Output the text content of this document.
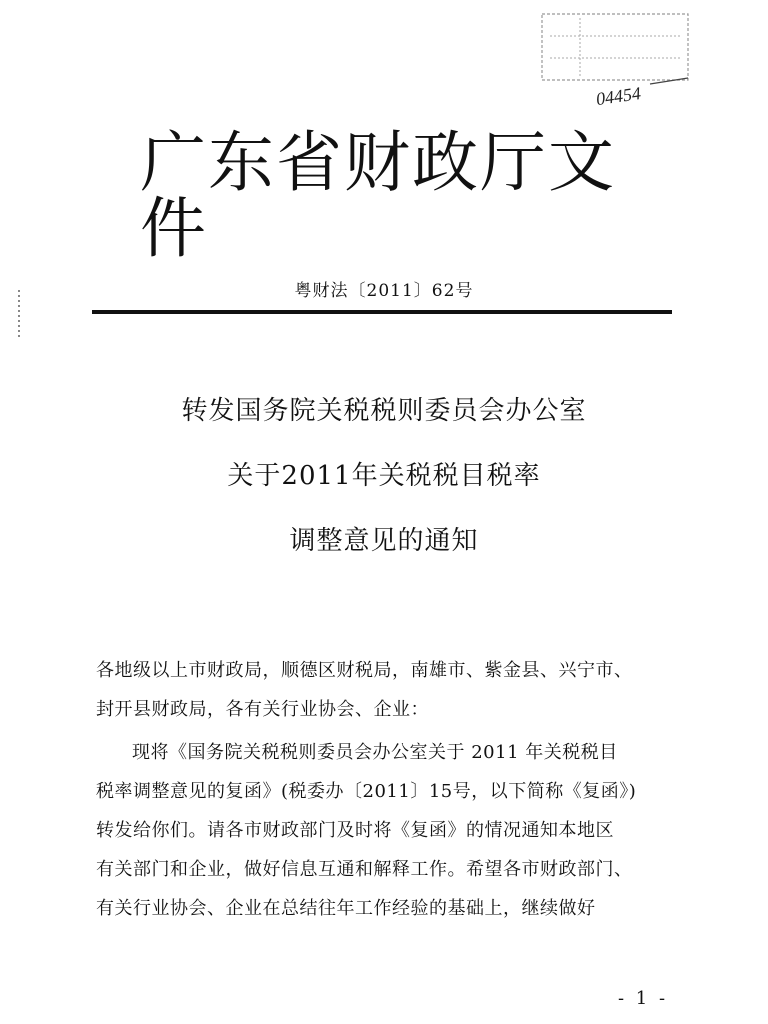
04454
广东省财政厅文件
粤财法〔2011〕62号
转发国务院关税税则委员会办公室
关于2011年关税税目税率
调整意见的通知
各地级以上市财政局，顺德区财税局，南雄市、紫金县、兴宁市、
封开县财政局，各有关行业协会、企业：
现将《国务院关税税则委员会办公室关于 2011 年关税税目
税率调整意见的复函》(税委办〔2011〕15号，以下简称《复函》)
转发给你们。请各市财政部门及时将《复函》的情况通知本地区
有关部门和企业，做好信息互通和解释工作。希望各市财政部门、
有关行业协会、企业在总结往年工作经验的基础上，继续做好
- 1 -
